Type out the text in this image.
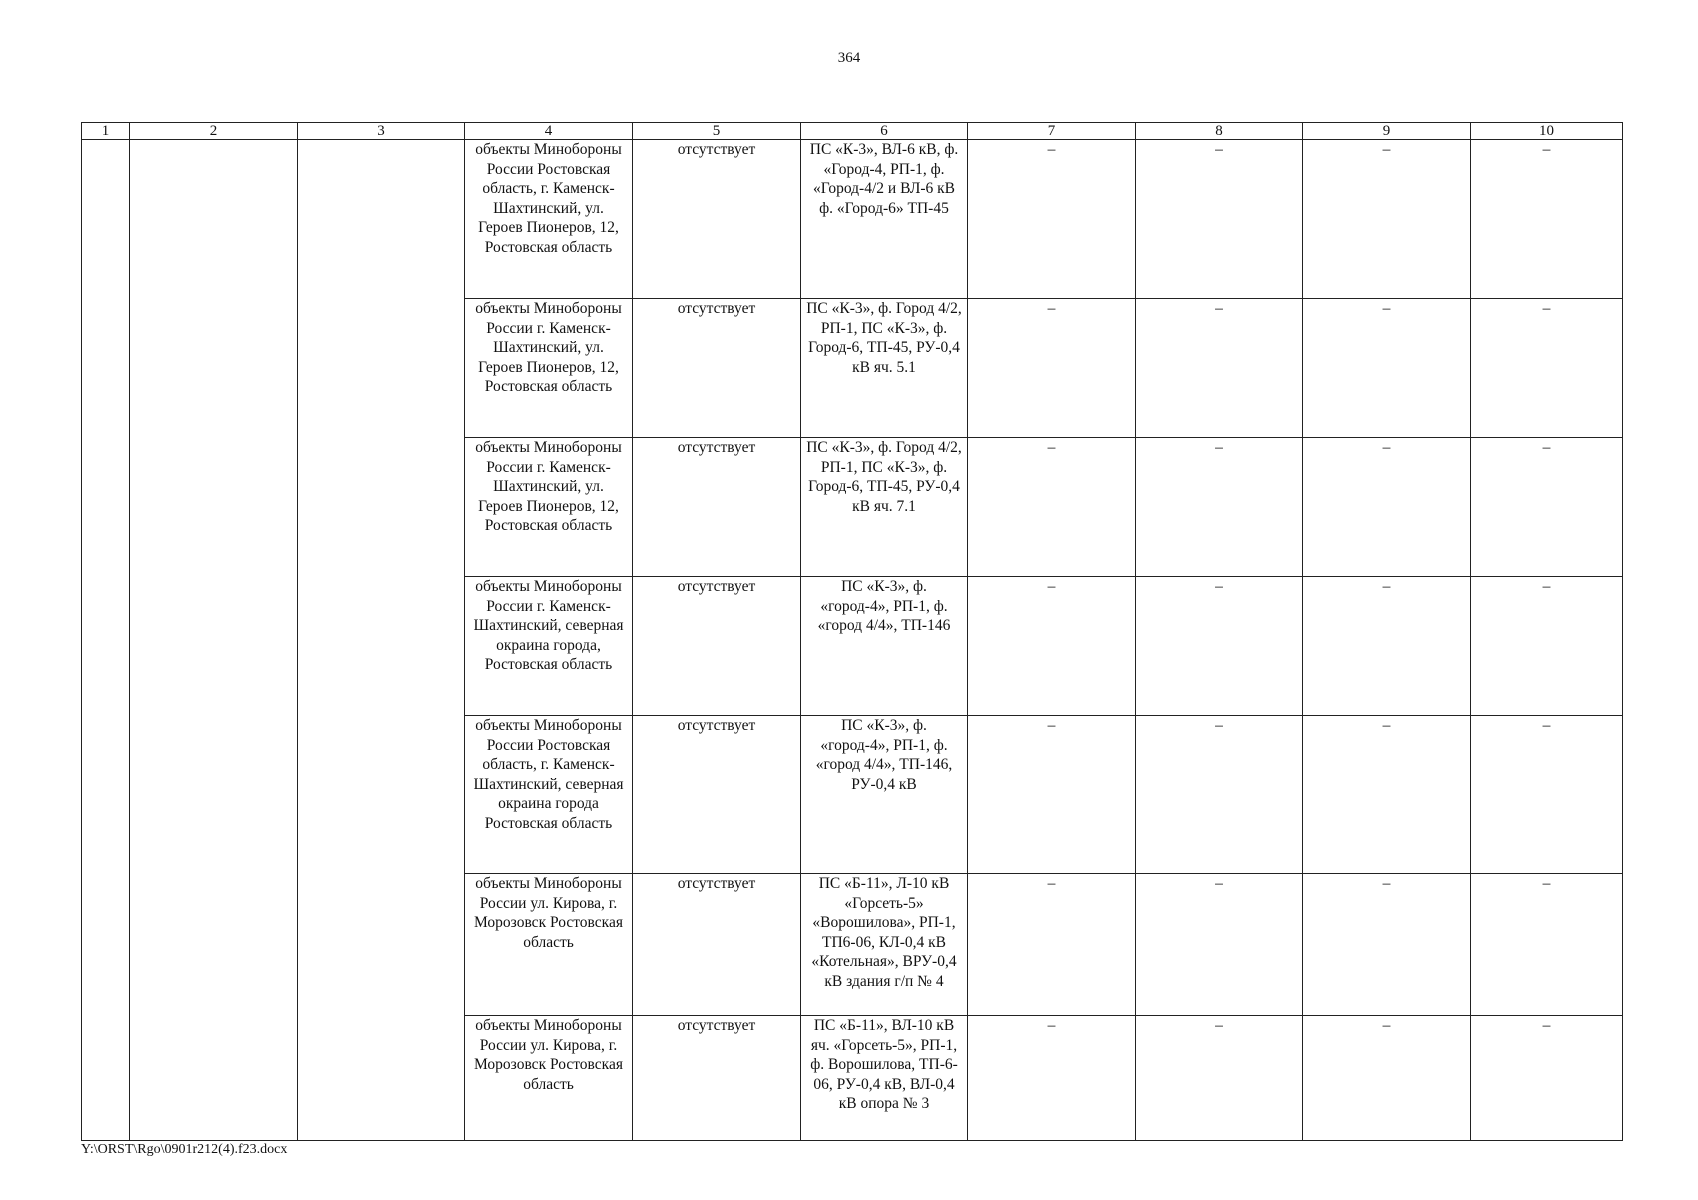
364
1	2	3	4	5	6	7	8	9	10
			объекты Минобороны России Ростовская область, г. Каменск-Шахтинский, ул. Героев Пионеров, 12, Ростовская область	отсутствует	ПС «К-3», ВЛ-6 кВ, ф. «Город-4, РП-1, ф. «Город-4/2 и ВЛ-6 кВ ф. «Город-6» ТП-45	–	–	–	–
			объекты Минобороны России г. Каменск-Шахтинский, ул. Героев Пионеров, 12, Ростовская область	отсутствует	ПС «К-3», ф. Город 4/2, РП-1, ПС «К-3», ф. Город-6, ТП-45, РУ-0,4 кВ яч. 5.1	–	–	–	–
			объекты Минобороны России г. Каменск-Шахтинский, ул. Героев Пионеров, 12, Ростовская область	отсутствует	ПС «К-3», ф. Город 4/2, РП-1, ПС «К-3», ф. Город-6, ТП-45, РУ-0,4 кВ яч. 7.1	–	–	–	–
			объекты Минобороны России г. Каменск-Шахтинский, северная окраина города, Ростовская область	отсутствует	ПС «К-3», ф. «город-4», РП-1, ф. «город 4/4», ТП-146	–	–	–	–
			объекты Минобороны России Ростовская область, г. Каменск-Шахтинский, северная окраина города Ростовская область	отсутствует	ПС «К-3», ф. «город-4», РП-1, ф. «город 4/4», ТП-146, РУ-0,4 кВ	–	–	–	–
			объекты Минобороны России ул. Кирова, г. Морозовск Ростовская область	отсутствует	ПС «Б-11», Л-10 кВ «Горсеть-5» «Ворошилова», РП-1, ТП6-06, КЛ-0,4 кВ «Котельная», ВРУ-0,4 кВ здания г/п № 4	–	–	–	–
			объекты Минобороны России ул. Кирова, г. Морозовск Ростовская область	отсутствует	ПС «Б-11», ВЛ-10 кВ яч. «Горсеть-5», РП-1, ф. Ворошилова, ТП-6-06, РУ-0,4 кВ, ВЛ-0,4 кВ опора № 3	–	–	–	–
Y:\ORST\Rgo\0901r212(4).f23.docx
